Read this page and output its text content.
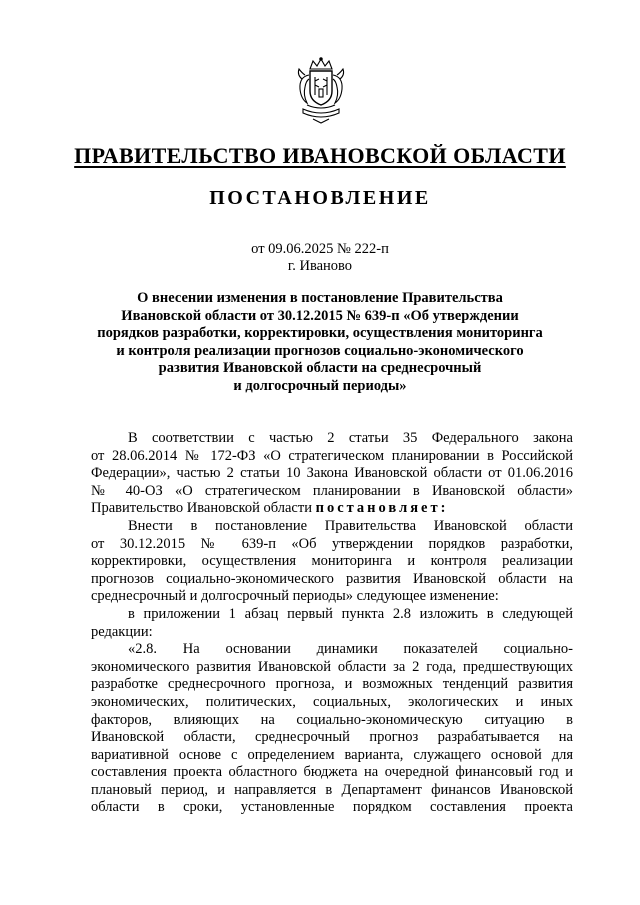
ПРАВИТЕЛЬСТВО ИВАНОВСКОЙ ОБЛАСТИ
ПОСТАНОВЛЕНИЕ
от 09.06.2025 № 222-п
г. Иваново
О внесении изменения в постановление Правительства
Ивановской области от 30.12.2015 № 639-п «Об утверждении
порядков разработки, корректировки, осуществления мониторинга
и контроля реализации прогнозов социально-экономического
развития Ивановской области на среднесрочный
и долгосрочный периоды»
В соответствии с частью 2 статьи 35 Федерального закона
от 28.06.2014 № 172-ФЗ «О стратегическом планировании в Российской
Федерации», частью 2 статьи 10 Закона Ивановской области от 01.06.2016
№ 40-ОЗ «О стратегическом планировании в Ивановской области»
Правительство Ивановской области постановляет:
Внести в постановление Правительства Ивановской области
от 30.12.2015 № 639-п «Об утверждении порядков разработки,
корректировки, осуществления мониторинга и контроля реализации
прогнозов социально-экономического развития Ивановской области на
среднесрочный и долгосрочный периоды» следующее изменение:
в приложении 1 абзац первый пункта 2.8 изложить в следующей
редакции:
«2.8. На основании динамики показателей социально-
экономического развития Ивановской области за 2 года, предшествующих
разработке среднесрочного прогноза, и возможных тенденций развития
экономических, политических, социальных, экологических и иных
факторов, влияющих на социально-экономическую ситуацию в
Ивановской области, среднесрочный прогноз разрабатывается на
вариативной основе с определением варианта, служащего основой для
составления проекта областного бюджета на очередной финансовый год и
плановый период, и направляется в Департамент финансов Ивановской
области в сроки, установленные порядком составления проекта
